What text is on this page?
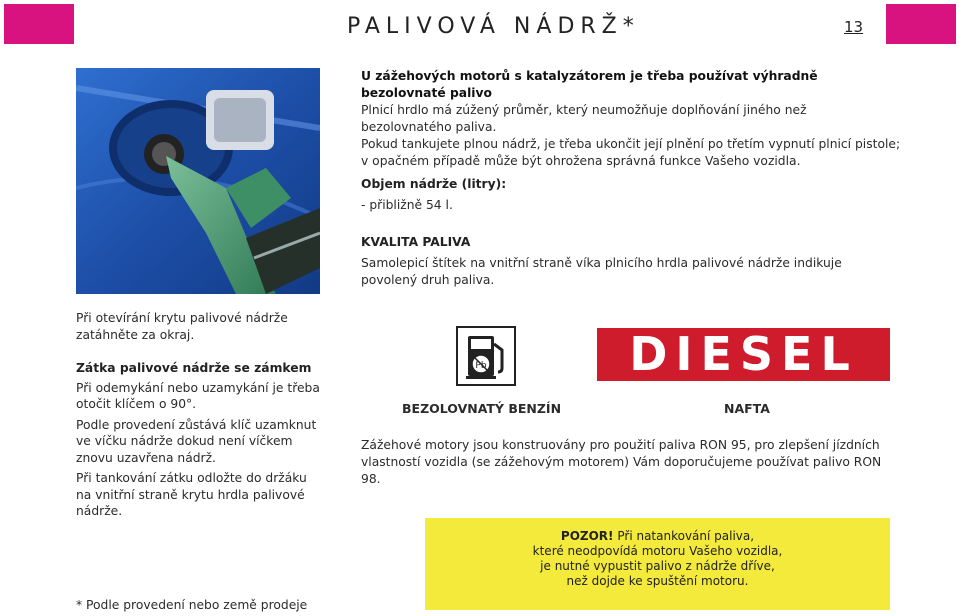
PALIVOVÁ NÁDRŽ*	13

U zážehových motorů s katalyzátorem je třeba používat výhradně bezolovnaté palivo

Plnicí hrdlo má zúžený průměr, který neumožňuje doplňování jiného než bezolovnatého paliva.

Pokud tankujete plnou nádrž, je třeba ukončit její plnění po třetím vypnutí plnicí pistole; v opačném případě může být ohrožena správná funkce Vašeho vozidla.

Objem nádrže (litry):

- přibližně 54 l.

KVALITA PALIVA

Samolepicí štítek na vnitřní straně víka plnicího hrdla palivové nádrže indikuje povolený druh paliva.

Při otevírání krytu palivové nádrže zatáhněte za okraj.

Zátka palivové nádrže se zámkem

Při odemykání nebo uzamykání je třeba otočit klíčem o 90°.

Podle provedení zůstává klíč uzamknut ve víčku nádrže dokud není víčkem znovu uzavřena nádrž.

Při tankování zátku odložte do držáku na vnitřní straně krytu hrdla palivové nádrže.

Pb	DIESEL
BEZOLOVNATÝ BENZÍN	NAFTA
Zážehové motory jsou konstruovány pro použití paliva RON 95, pro zlepšení jízdních vlastností vozidla (se zážehovým motorem) Vám doporučujeme používat palivo RON 98.
POZOR! Při natankování paliva,
které neodpovídá motoru Vašeho vozidla,
je nutné vypustit palivo z nádrže dříve,
než dojde ke spuštění motoru.
* Podle provedení nebo země prodeje
